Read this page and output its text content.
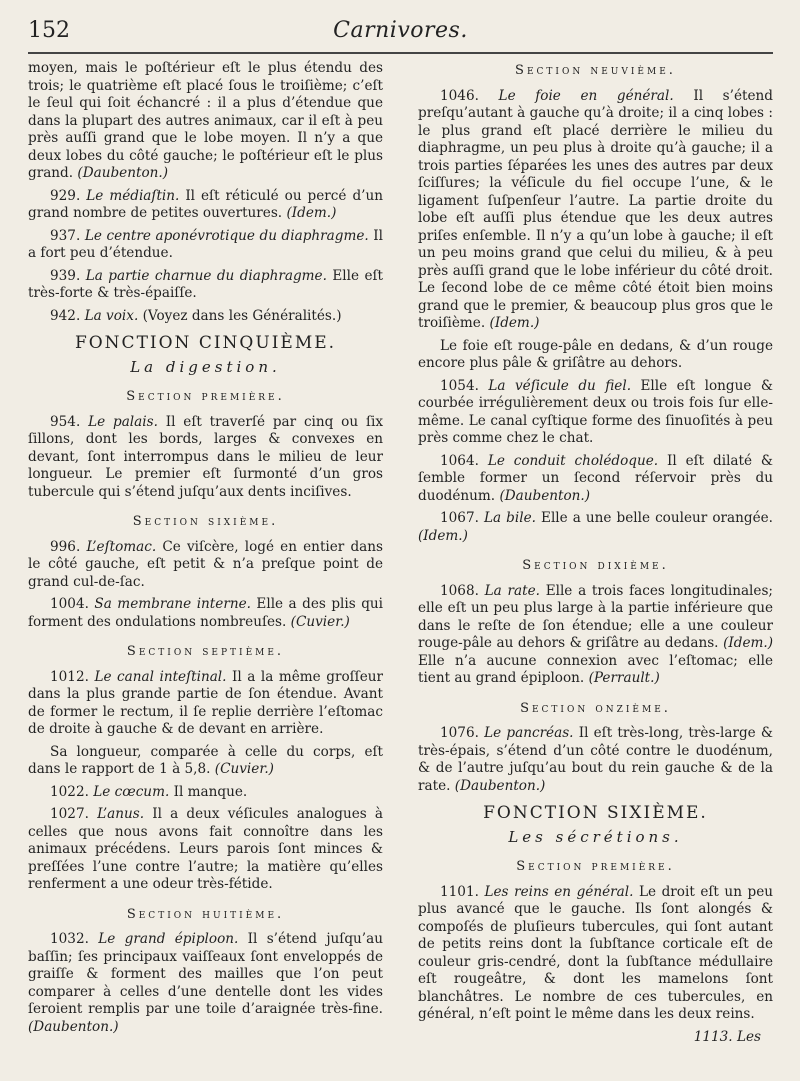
152	Carnivores.

moyen, mais le poſtérieur eſt le plus étendu des trois; le quatrième eſt placé ſous le troiſième; c’eſt le ſeul qui ſoit échancré : il a plus d’étendue que dans la plupart des autres animaux, car il eſt à peu près auſſi grand que le lobe moyen. Il n’y a que deux lobes du côté gauche; le poſtérieur eſt le plus grand. (Daubenton.)

929. Le médiaſtin. Il eſt réticulé ou percé d’un grand nombre de petites ouvertures. (Idem.)

937. Le centre aponévrotique du diaphragme. Il a fort peu d’étendue.

939. La partie charnue du diaphragme. Elle eſt très-forte & très-épaiſſe.

942. La voix. (Voyez dans les Généralités.)

FONCTION CINQUIÈME.
La digestion.
Section première.

954. Le palais. Il eſt traverſé par cinq ou ſix ſillons, dont les bords, larges & convexes en devant, ſont interrompus dans le milieu de leur longueur. Le premier eſt ſurmonté d’un gros tubercule qui s’étend juſqu’aux dents inciſives.

Section sixième.

996. L’eſtomac. Ce viſcère, logé en entier dans le côté gauche, eſt petit & n’a preſque point de grand cul-de-ſac.

1004. Sa membrane interne. Elle a des plis qui forment des ondulations nombreuſes. (Cuvier.)

Section septième.

1012. Le canal inteſtinal. Il a la même groſſeur dans la plus grande partie de ſon étendue. Avant de former le rectum, il ſe replie derrière l’eſtomac de droite à gauche & de devant en arrière.

Sa longueur, comparée à celle du corps, eſt dans le rapport de 1 à 5,8. (Cuvier.)

1022. Le cœcum. Il manque.

1027. L’anus. Il a deux véſicules analogues à celles que nous avons fait connoître dans les animaux précédens. Leurs parois ſont minces & preſſées l’une contre l’autre; la matière qu’elles renferment a une odeur très-fétide.

Section huitième.

1032. Le grand épiploon. Il s’étend juſqu’au baſſin; ſes principaux vaiſſeaux ſont enveloppés de graiſſe & forment des mailles que l’on peut comparer à celles d’une dentelle dont les vides ſeroient remplis par une toile d’araignée très-fine. (Daubenton.)

Section neuvième.

1046. Le foie en général. Il s’étend preſqu’autant à gauche qu’à droite; il a cinq lobes : le plus grand eſt placé derrière le milieu du diaphragme, un peu plus à droite qu’à gauche; il a trois parties ſéparées les unes des autres par deux ſciſſures; la véſicule du fiel occupe l’une, & le ligament ſuſpenſeur l’autre. La partie droite du lobe eſt auſſi plus étendue que les deux autres priſes enſemble. Il n’y a qu’un lobe à gauche; il eſt un peu moins grand que celui du milieu, & à peu près auſſi grand que le lobe inférieur du côté droit. Le ſecond lobe de ce même côté étoit bien moins grand que le premier, & beaucoup plus gros que le troiſième. (Idem.)

Le foie eſt rouge-pâle en dedans, & d’un rouge encore plus pâle & griſâtre au dehors.

1054. La véſicule du fiel. Elle eſt longue & courbée irrégulièrement deux ou trois fois ſur elle-même. Le canal cyſtique forme des ſinuoſités à peu près comme chez le chat.

1064. Le conduit cholédoque. Il eſt dilaté & ſemble former un ſecond réſervoir près du duodénum. (Daubenton.)

1067. La bile. Elle a une belle couleur orangée. (Idem.)

Section dixième.

1068. La rate. Elle a trois faces longitudinales; elle eſt un peu plus large à la partie inférieure que dans le reſte de ſon étendue; elle a une couleur rouge-pâle au dehors & griſâtre au dedans. (Idem.) Elle n’a aucune connexion avec l’eſtomac; elle tient au grand épiploon. (Perrault.)

Section onzième.

1076. Le pancréas. Il eſt très-long, très-large & très-épais, s’étend d’un côté contre le duodénum, & de l’autre juſqu’au bout du rein gauche & de la rate. (Daubenton.)

FONCTION SIXIÈME.
Les sécrétions.
Section première.

1101. Les reins en général. Le droit eſt un peu plus avancé que le gauche. Ils ſont alongés & compoſés de pluſieurs tubercules, qui ſont autant de petits reins dont la ſubſtance corticale eſt de couleur gris-cendré, dont la ſubſtance médullaire eſt rougeâtre, & dont les mamelons ſont blanchâtres. Le nombre de ces tubercules, en général, n’eſt point le même dans les deux reins.

1113. Les
